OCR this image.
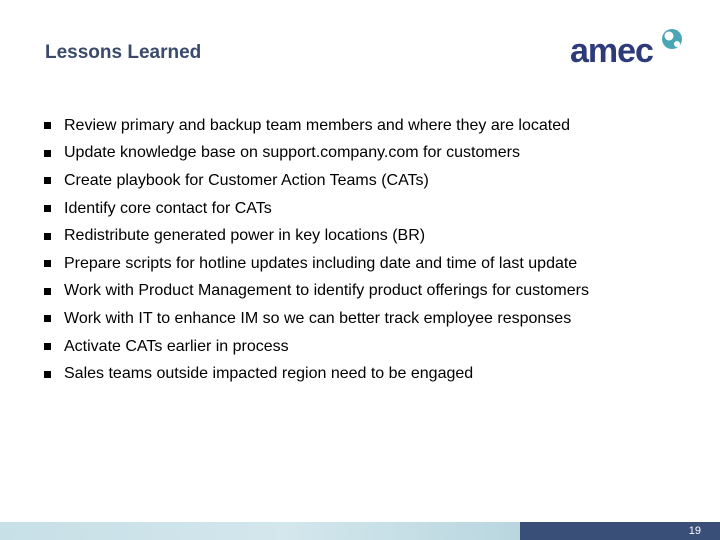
Lessons Learned	amec
Review primary and backup team members and where they are located
Update knowledge base on support.company.com for customers
Create playbook for Customer Action Teams (CATs)
Identify core contact for CATs
Redistribute generated power in key locations (BR)
Prepare scripts for hotline updates including date and time of last update
Work with Product Management to identify product offerings for customers
Work with IT to enhance IM so we can better track employee responses
Activate CATs earlier in process
Sales teams outside impacted region need to be engaged
19
